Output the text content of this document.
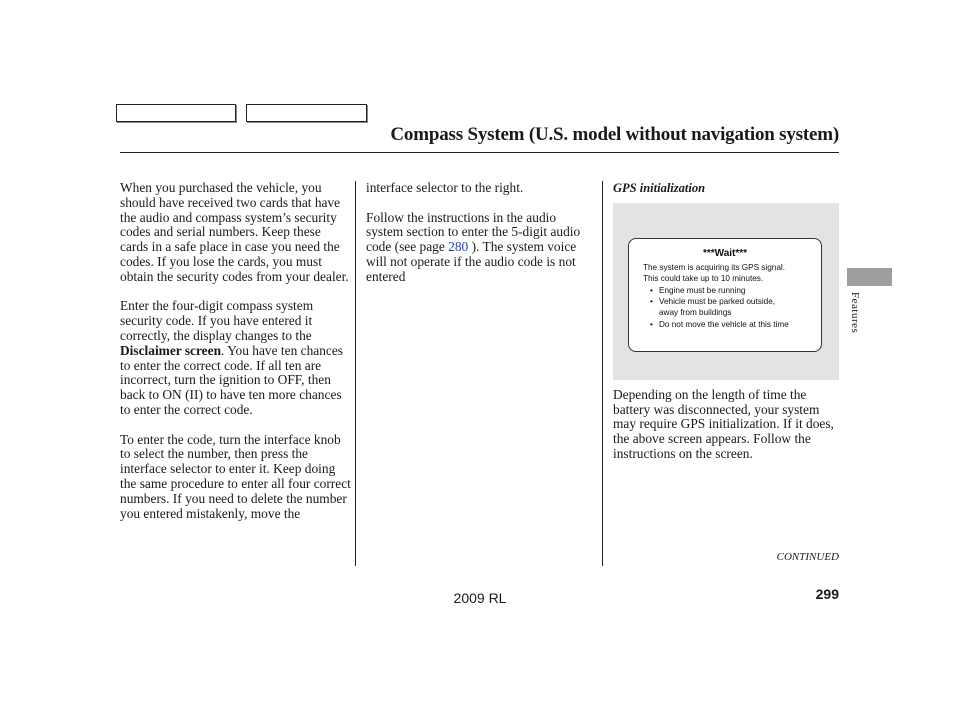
Compass System (U.S. model without navigation system)

When you purchased the vehicle, you should have received two cards that have the audio and compass system’s security codes and serial numbers. Keep these cards in a safe place in case you need the codes. If you lose the cards, you must obtain the security codes from your dealer.

Enter the four-digit compass system security code. If you have entered it correctly, the display changes to the Disclaimer screen. You have ten chances to enter the correct code. If all ten are incorrect, turn the ignition to OFF, then back to ON (II) to have ten more chances to enter the correct code.

To enter the code, turn the interface knob to select the number, then press the interface selector to enter it. Keep doing the same procedure to enter all four correct numbers. If you need to delete the number you entered mistakenly, move the

interface selector to the right.

Follow the instructions in the audio system section to enter the 5-digit audio code (see page 280 ). The system voice will not operate if the audio code is not entered

GPS initialization
***Wait***
The system is acquiring its GPS signal.
This could take up to 10 minutes.
• Engine must be running
• Vehicle must be parked outside,
away from buildings
• Do not move the vehicle at this time

Depending on the length of time the battery was disconnected, your system may require GPS initialization. If it does, the above screen appears. Follow the instructions on the screen.

Features
CONTINUED
2009 RL	299
